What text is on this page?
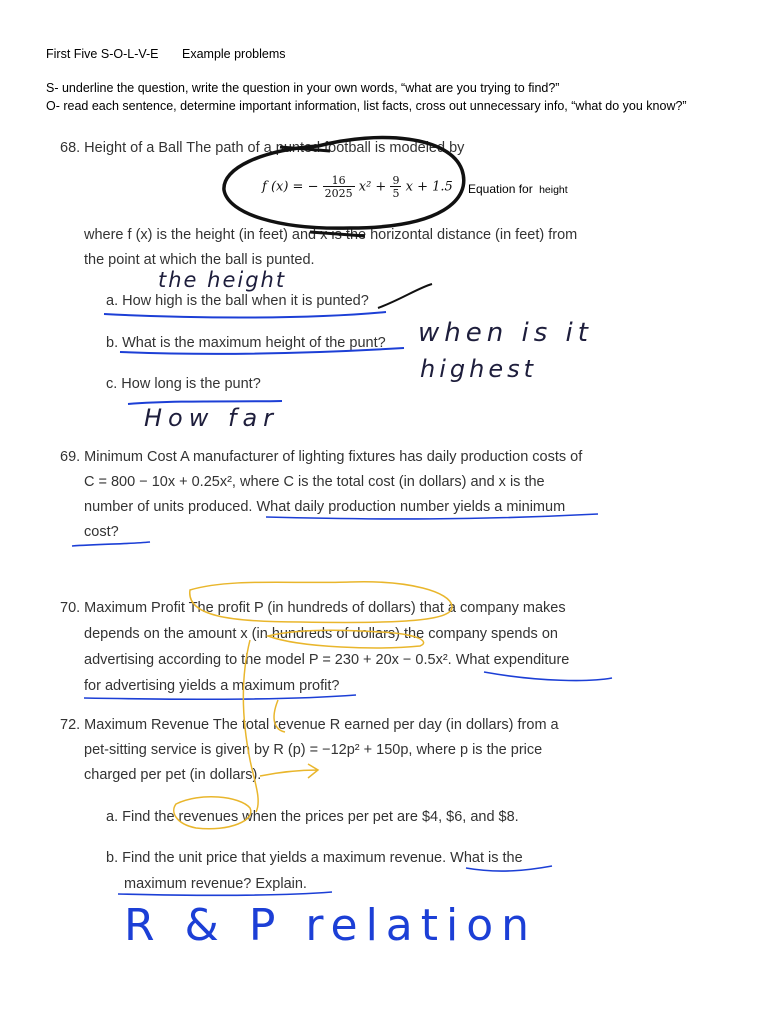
First Five S-O-L-V-E Example problems
S- underline the question, write the question in your own words, “what are you trying to find?”
O- read each sentence, determine important information, list facts, cross out unnecessary info, “what do you know?”
68. Height of a Ball The path of a punted football is modeled by
f (x) = − $\frac{16}{2025} x^2 + \frac{9}{5}$ x + 1.5 Equation for height
where f (x) is the height (in feet) and x is the horizontal distance (in feet) from
the point at which the ball is punted.
a. How high is the ball when it is punted?
b. What is the maximum height of the punt?
c. How long is the punt?
the height
when is it
highest
How far
69. Minimum Cost A manufacturer of lighting fixtures has daily production costs of
C = 800 − 10x + 0.25x², where C is the total cost (in dollars) and x is the
number of units produced. What daily production number yields a minimum
cost?
70. Maximum Profit The profit P (in hundreds of dollars) that a company makes
depends on the amount x (in hundreds of dollars) the company spends on
advertising according to the model P = 230 + 20x − 0.5x². What expenditure
for advertising yields a maximum profit?
72. Maximum Revenue The total revenue R earned per day (in dollars) from a
pet-sitting service is given by R (p) = −12p² + 150p, where p is the price
charged per pet (in dollars).
a. Find the revenues when the prices per pet are $4, $6, and $8.
b. Find the unit price that yields a maximum revenue. What is the
maximum revenue? Explain.
R & P relation
